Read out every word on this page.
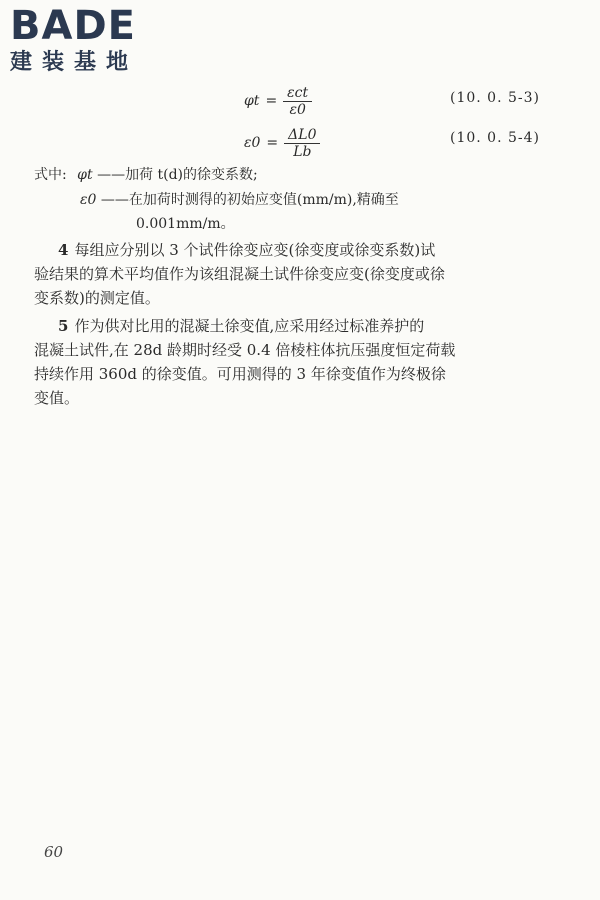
BADE
建装基地
$\varphi t = \frac{\text{εct}}{\varepsilon 0}$	(10. 0. 5-3)
$\varepsilon 0 = \frac{\Delta L0}{Lb}$	(10. 0. 5-4)
式中: φt ——加荷 t(d)的徐变系数;
ε0 ——在加荷时测得的初始应变值(mm/m),精确至
0.001mm/m。
4 每组应分别以 3 个试件徐变应变(徐变度或徐变系数)试
验结果的算术平均值作为该组混凝土试件徐变应变(徐变度或徐
变系数)的测定值。
5 作为供对比用的混凝土徐变值,应采用经过标准养护的
混凝土试件,在 28d 龄期时经受 0.4 倍棱柱体抗压强度恒定荷载
持续作用 360d 的徐变值。可用测得的 3 年徐变值作为终极徐
变值。
60
